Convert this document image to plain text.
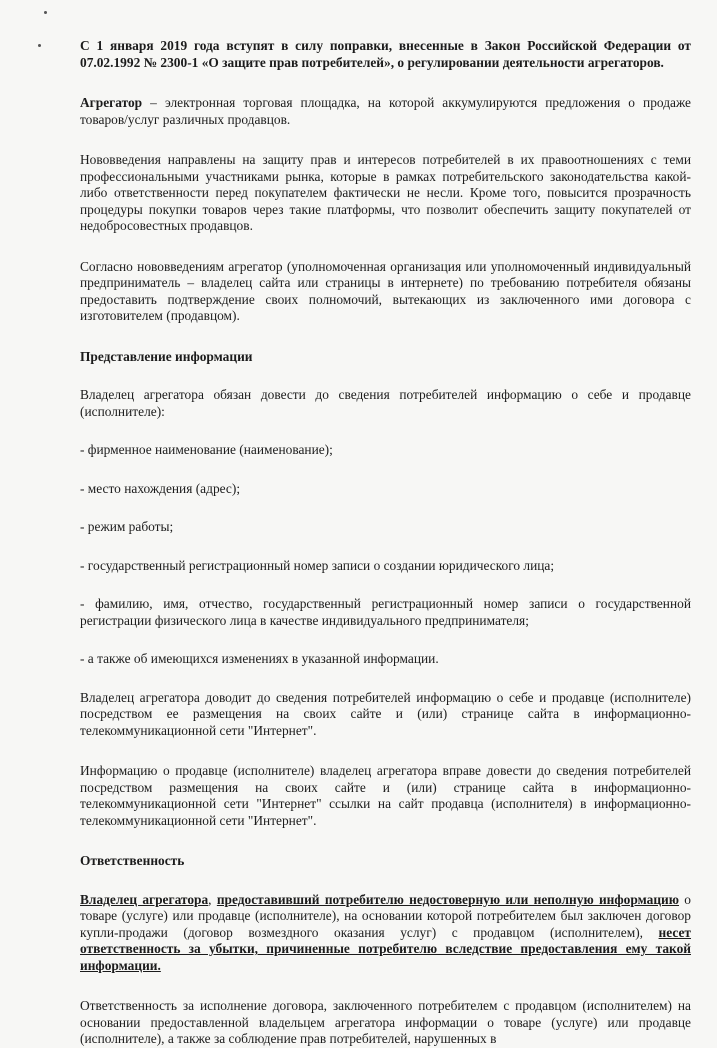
С 1 января 2019 года вступят в силу поправки, внесенные в Закон Российской Федерации от 07.02.1992 № 2300-1 «О защите прав потребителей», о регулировании деятельности агрегаторов.

Агрегатор – электронная торговая площадка, на которой аккумулируются предложения о продаже товаров/услуг различных продавцов.

Нововведения направлены на защиту прав и интересов потребителей в их правоотношениях с теми профессиональными участниками рынка, которые в рамках потребительского законодательства какой-либо ответственности перед покупателем фактически не несли. Кроме того, повысится прозрачность процедуры покупки товаров через такие платформы, что позволит обеспечить защиту покупателей от недобросовестных продавцов.

Согласно нововведениям агрегатор (уполномоченная организация или уполномоченный индивидуальный предприниматель – владелец сайта или страницы в интернете) по требованию потребителя обязаны предоставить подтверждение своих полномочий, вытекающих из заключенного ими договора с изготовителем (продавцом).

Представление информации

Владелец агрегатора обязан довести до сведения потребителей информацию о себе и продавце (исполнителе):

- фирменное наименование (наименование);

- место нахождения (адрес);

- режим работы;

- государственный регистрационный номер записи о создании юридического лица;

- фамилию, имя, отчество, государственный регистрационный номер записи о государственной регистрации физического лица в качестве индивидуального предпринимателя;

- а также об имеющихся изменениях в указанной информации.

Владелец агрегатора доводит до сведения потребителей информацию о себе и продавце (исполнителе) посредством ее размещения на своих сайте и (или) странице сайта в информационно-телекоммуникационной сети "Интернет".

Информацию о продавце (исполнителе) владелец агрегатора вправе довести до сведения потребителей посредством размещения на своих сайте и (или) странице сайта в информационно-телекоммуникационной сети "Интернет" ссылки на сайт продавца (исполнителя) в информационно-телекоммуникационной сети "Интернет".

Ответственность

Владелец агрегатора, предоставивший потребителю недостоверную или неполную информацию о товаре (услуге) или продавце (исполнителе), на основании которой потребителем был заключен договор купли-продажи (договор возмездного оказания услуг) с продавцом (исполнителем), несет ответственность за убытки, причиненные потребителю вследствие предоставления ему такой информации.

Ответственность за исполнение договора, заключенного потребителем с продавцом (исполнителем) на основании предоставленной владельцем агрегатора информации о товаре (услуге) или продавце (исполнителе), а также за соблюдение прав потребителей, нарушенных в
